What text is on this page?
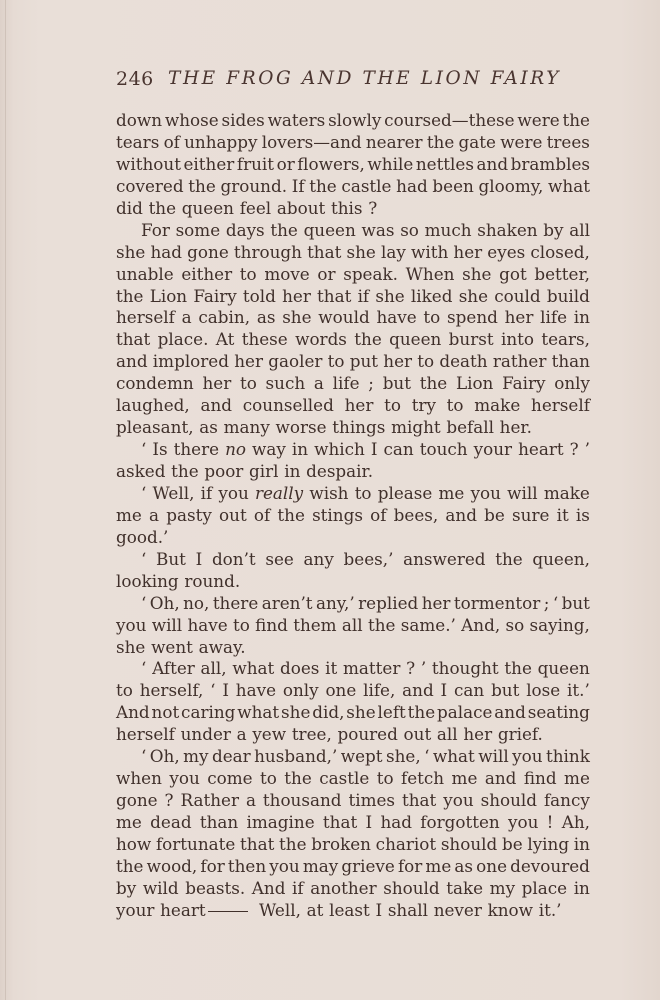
246 THE FROG AND THE LION FAIRY
down whose sides waters slowly coursed—these were the
tears of unhappy lovers—and nearer the gate were trees
without either fruit or flowers, while nettles and brambles
covered the ground. If the castle had been gloomy, what
did the queen feel about this ?
For some days the queen was so much shaken by all
she had gone through that she lay with her eyes closed,
unable either to move or speak. When she got better,
the Lion Fairy told her that if she liked she could build
herself a cabin, as she would have to spend her life in
that place. At these words the queen burst into tears,
and implored her gaoler to put her to death rather than
condemn her to such a life ; but the Lion Fairy only
laughed, and counselled her to try to make herself
pleasant, as many worse things might befall her.
‘ Is there no way in which I can touch your heart ? ’
asked the poor girl in despair.
‘ Well, if you really wish to please me you will make
me a pasty out of the stings of bees, and be sure it is
good.’
‘ But I don’t see any bees,’ answered the queen,
looking round.
‘ Oh, no, there aren’t any,’ replied her tormentor ; ‘ but
you will have to find them all the same.’ And, so saying,
she went away.
‘ After all, what does it matter ? ’ thought the queen
to herself, ‘ I have only one life, and I can but lose it.’
And not caring what she did, she left the palace and seating
herself under a yew tree, poured out all her grief.
‘ Oh, my dear husband,’ wept she, ‘ what will you think
when you come to the castle to fetch me and find me
gone ? Rather a thousand times that you should fancy
me dead than imagine that I had forgotten you ! Ah,
how fortunate that the broken chariot should be lying in
the wood, for then you may grieve for me as one devoured
by wild beasts. And if another should take my place in
your heart	Well, at least I shall never know it.’
